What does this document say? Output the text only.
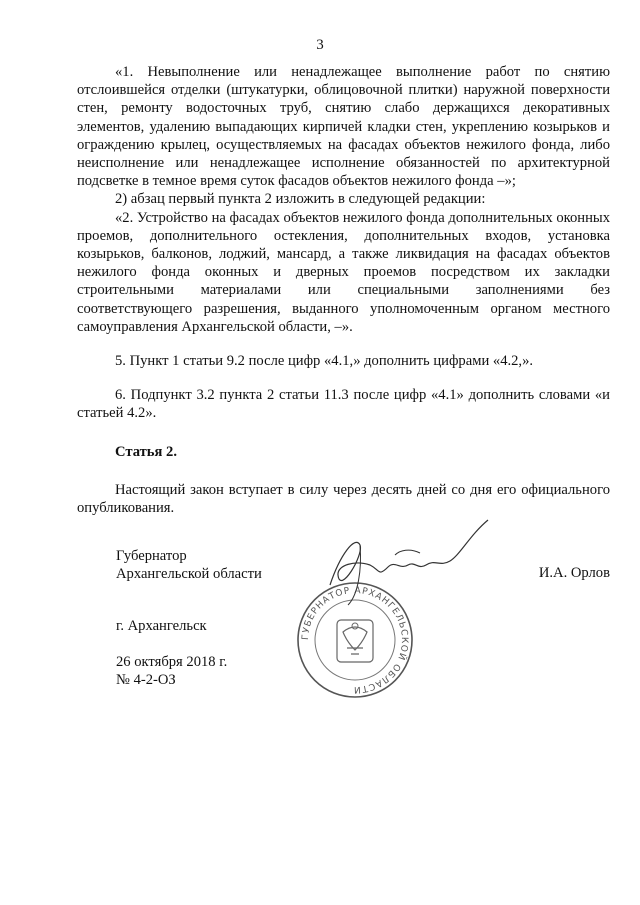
3

«1. Невыполнение или ненадлежащее выполнение работ по снятию отслоившейся отделки (штукатурки, облицовочной плитки) наружной поверхности стен, ремонту водосточных труб, снятию слабо держащихся декоративных элементов, удалению выпадающих кирпичей кладки стен, укреплению козырьков и ограждению крылец, осуществляемых на фасадах объектов нежилого фонда, либо неисполнение или ненадлежащее исполнение обязанностей по архитектурной подсветке в темное время суток фасадов объектов нежилого фонда –»;

2) абзац первый пункта 2 изложить в следующей редакции:

«2. Устройство на фасадах объектов нежилого фонда дополнительных оконных проемов, дополнительного остекления, дополнительных входов, установка козырьков, балконов, лоджий, мансард, а также ликвидация на фасадах объектов нежилого фонда оконных и дверных проемов посредством их закладки строительными материалами или специальными заполнениями без соответствующего разрешения, выданного уполномоченным органом местного самоуправления Архангельской области, –».

5. Пункт 1 статьи 9.2 после цифр «4.1,» дополнить цифрами «4.2,».

6. Подпункт 3.2 пункта 2 статьи 11.3 после цифр «4.1» дополнить словами «и статьей 4.2».

Статья 2.

Настоящий закон вступает в силу через десять дней со дня его официального опубликования.

Губернатор
Архангельской области	И.А. Орлов
г. Архангельск
26 октября 2018 г.
№ 4-2-ОЗ
ГУБЕРНАТОР АРХАНГЕЛЬСКОЙ ОБЛАСТИ
